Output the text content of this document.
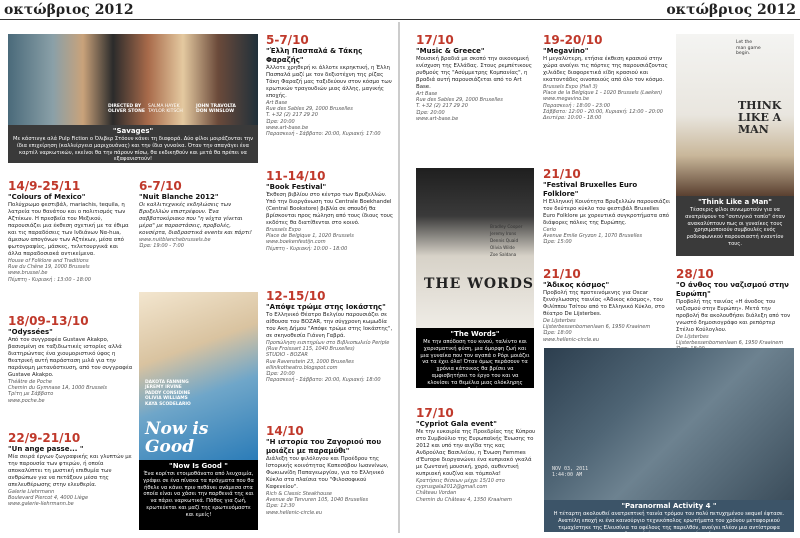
οκτώβριος 2012	οκτώβριος 2012
DIRECTED BY
OLIVER STONE
SALMA HAYEK
TAYLOR KITSCH
JOHN TRAVOLTA
DON WINSLOW
"Savages"
Με κάστινγκ αλά Pulp Fiction ο Όλιβερ Στόουν κάνει τη διαφορά. Δύο φίλοι μοιράζονται την ίδια επιχείρηση (καλλιέργεια μαριχουάνας) και την ίδια γυναίκα. Όταν την απαγάγει ένα καρτέλ ναρκωτικών, εκείνοι θα την πάρουν πίσω, θα εκδικηθούν και μετά θα πρέπει να εξαφανιστούν!
14/9-25/11
"Colours of Mexico"
Πολύχρωμο φεστιβάλ, mariachis, tequila, η λατρεία του θανάτου και ο πολιτισμός των Αζτέκων. Η πρεσβεία του Μεξικού, παρουσιάζει μια έκθεση σχετική με τα έθιμα και τις παραδόσεις των Ινδιάνων Να-hua, άμεσων απογόνων των Αζτέκων, μέσα από φωτογραφίες, μάσκες, τελετουργικά και άλλα παραδοσιακά αντικείμενα.
House of Folklore and Traditions
Rue du Chêne 19, 1000 Brussels
www.brussel.be
Πέμπτη - Κυριακή : 13:00 - 18:00
18/09-13/10
"Odyssées"
Από τον συγγραφέα Gustave Akakpo, βασισμένη σε ταξιδιωτικές ιστορίες αλλά διατηρώντας ένα χιουμοριστικό ύφος η θεατρική αυτή παράσταση μιλά για την παράνομη μετανάστευση, από τον συγγραφέα Gustave Akakpo.
Théâtre de Poche
Chemin du Gymnase 1A, 1000 Brussels
Τρίτη με Σάββατο
www.poche.be
22/9-21/10
"Un ange passe... "
Μία σειρά έργων ζωγραφικής και γλυπτών με την παρουσία των φτερών, ή οποία αποκαλύπτει τη μυστική επιθυμία των ανθρώπων για να πετάξουν μέσα της απελευθέρωσης στην ελευθερία.
Galerie Liehrmann
Boulevard Piercot 4, 4000 Liège
www.galerie-liehrmann.be
DAKOTA FANNING
JEREMY IRVINE
PADDY CONSIDINE
OLIVIA WILLIAMS
KAYA SCODELARIO
Now is Good
"Now Is Good "
Ένα κορίτσι ετοιμοθάνατο από λευχαιμία, γράφει σε ένα πίνακα τα πράγματα που θα ήθελε να κάνει πριν πεθάνει ανάμεσα στα οποία είναι να χάσει την παρθενιά της και να πάρει ναρκωτικά. Πάθος για ζωή, ερωτεύεται και μαζί της ερωτευόμαστε και εμείς!
6-7/10
"Nuit Blanche 2012"
Οι καλλιτεχνικές εκδηλώσεις των Βρυξελλών επιστρέφουν. Ένα σαββατοκύριακο που "η νύχτα γίνεται μέρα" με παραστάσεις, προβολές, κονσέρτα, διαδραστικά events και πάρτι!
www.nuitblanchebrussels.be
Ώρα: 19:00 - 7:00
5-7/10
"Έλλη Πασπαλά & Τάκης Φαραζής"
Άλλοτε χρηθερή κι άλλοτε εκρηκτική, η Έλλη Πασπαλά μαζί με τον δεξιοτέχνη της ρίζας Τάκη Φαραζή μας ταξιδεύουν στον κόσμο των ερωτικών τραγουδιών μιας άλλης, μαγικής εποχής.
Art Base
Rue des Sables 29, 1000 Bruxelles
T. +32 (2) 217 29 20
Ώρα: 20:00
www.art-base.be
Παρασκευή - Σάββατο: 20:00, Κυριακή: 17:00
11-14/10
"Book Festival"
Έκθεση βιβλίου στο κέντρο των Βρυξελλών. Υπό την διοργάνωση του Centrale Boekhandel (Central Bookstore) βιβλία σε σπουδή θα βρίσκονται προς πώληση από τους ίδιους τους εκδότες θα διατίθενται στο κοινό.
Brussels Expo
Place de Belgique 1, 1020 Brussels
www.boekenfestijn.com
Πέμπτη - Κυριακή: 10:00 - 18:00
12-15/10
"Απόψε τρώμε στης Ιοκάστης"
Το Ελληνικό Θέατρο Βελγίου παρουσιάζει σε αίθουσα του BOZAR, την σύγχρονη κωμωδία του Ακη Δήμου "Απόψε τρώμε στης Ιοκάστης", σε σκηνοθεσία Γιάννη Γαβρά.
Προπώληση εισιτηρίων στο Βιβλιοπωλείο Periple (Rue Froissart 115, 1040 Bruxelles)
STUDIO - BOZAR
Rue Ravenstein 23, 1000 Bruxelles
ellinikotheatro.blogspot.com
Ώρα: 20:00
Παρασκευή - Σάββατο: 20:00, Κυριακή: 18:00
14/10
"Η ιστορία του Ζαγοριού που μοιάζει με παραμύθι"
Διάλεξη του φιλόλογου και Προέδρου της Ιστορικής κοινότητας Καπεσόβου Ιωαννίνων, Φωκιωνίδη Παπαγεωργίου, για το Ελληνικό Κύκλο στα πλαίσια του "Φιλοσοφικού Καφενείου".
Rich & Classic Steakhouse
Avenue de Tervuren 105, 1040 Bruxelles
Ώρα: 12:30
www.hellenic-circle.eu
17/10
"Music & Greece"
Μουσική βραδιά με σκοπό την οικονομική ενίσχυση της Ελλάδας. Στους ρεμπέτικους ρυθμούς της "Ασύμμετρης Κομπανίας", η βραδιά αυτή παρουσιάζεται από το Art Base.
Art Base
Rue des Sables 29, 1000 Bruxelles
T. +32 (2) 217 29 20
Ώρα: 20:00
www.art-base.be
THE WORDS
Bradley Cooper
Jeremy Irons
Dennis Quaid
Olivia Wilde
Zoe Saldana
"The Words"
Με την απόδοση του κινού, ταλέντο και χαρισματική φύση, μια όμορφη ζωή και μια γυναίκα που τον αγαπά ο Ρόρι μοιάζει να τα έχει όλα! Όταν όμως περάσουν τα χρόνια κάτοικος θα βρίσει να αμφισβητήσει το έργο του και να κλονίσει τα θεμέλια μιας ολόκληρης ζωής.
17/10
"Cypriot Gala event"
Με την ευκαιρία της Προεδρίας της Κύπρου στο Συμβούλιο της Ευρωπαϊκής Ένωσης το 2012 και υπό την αιγίδα της κας Ανδρούλας Βασιλείου, η Ένωση Femmes d'Europe διοργανώνει ένα κυπριακό γκαλά με ζωντανή μουσική, χορό, αυθεντική κυπριακή κουζίνα και τόμπολα!
Κρατήσεις θέσεων μέχρι 15/10 στο cyprusgala2012@gmail.com
Château Vordan
Chemin du Château 4, 1350 Kraainem
19-20/10
"Megavino"
Η μεγαλύτερη, ετήσια έκθεση κρασιού στην χώρα ανοίγει τις πόρτες της παρουσιάζοντας χιλιάδες διαφορετικά είδη κρασιού και εκατοντάδες οινοποιούς από όλο τον κόσμο.
Brussels Expo (Hall 3)
Place de la Belgique 1 - 1020 Brussels (Laeken)
www.megavino.be
Παρασκευή : 18:00 - 23:00
Σάββατο: 12:00 - 20:00, Κυριακή: 12:00 - 20:00
Δευτέρα: 10:00 - 18:00
21/10
"Festival Bruxelles Euro Folklore"
Η Ελληνική Κοινότητα Βρυξελλών παρουσιάζει τον δεύτερο κύκλο του φεστιβάλ Bruxelles Euro Folklore με χορευτικά συγκροτήματα από διάφορες πόλεις της Ευρώπης.
Cerio
Avenue Emile Gryzon 1, 1070 Bruxelles
Ώρα: 15:00
21/10
"Άδικος κόσμος"
Προβολή της προτεινόμενης για Oscar ξενόγλωσσης ταινίας «Άδικος κόσμος», του Φιλίππου Τσίτου από το Ελληνικό Κύκλο, στο θέατρο De Lijsterbes.
De Lijsterbes
Lijsterbessenbomenlaan 6, 1950 Kraainem
Ώρα: 18:00
www.hellenic-circle.eu
Let the
man game
begin.
THINK
LIKE A
MAN
"Think Like a Man"
Τέσσερις φίλοι συνωμοτούν για να ανατρέψουν το "σοτυγικό τοπίο" όταν ανακαλύπτουν πως οι γυναίκες τους χρησιμοποιούν συμβουλές ενός ραδιοφωνικού παρουσιαστή εναντίον τους.
28/10
"Ο άνθος του ναζισμού στην Ευρώπη"
Προβολή της ταινίας «Η άνοδος του ναζισμού στην Ευρώπη». Μετά την προβολή θα ακολουθήσει διάλεξη από τον γνωστό δημοσιογράφο και ρεπόρτερ Στέλιο Κούλογλου.
De Lijsterbes
Lijsterbessenbomenlaan 6, 1950 Kraainem
NOV 03, 2011
1:44:00 AM
"Paranormal Activity 4 "
Η τέταρτη ακολουθεί ανατρεπτική ταινία τρόμου του πολύ πετυχημένου sequel έφτασε. Ανατέλη εποχή κι ένα καινούργιο τεχνικόπολος ερωτήματα του χρόνου μεταφορικού τεμαχίστηκε της Ελευσίνια τα οφέλους της παρελθόν, ανοίγει πλέον μια αντίστροφα αποκαλυπτική ώρα και τον ορισμό, ακάματο...
